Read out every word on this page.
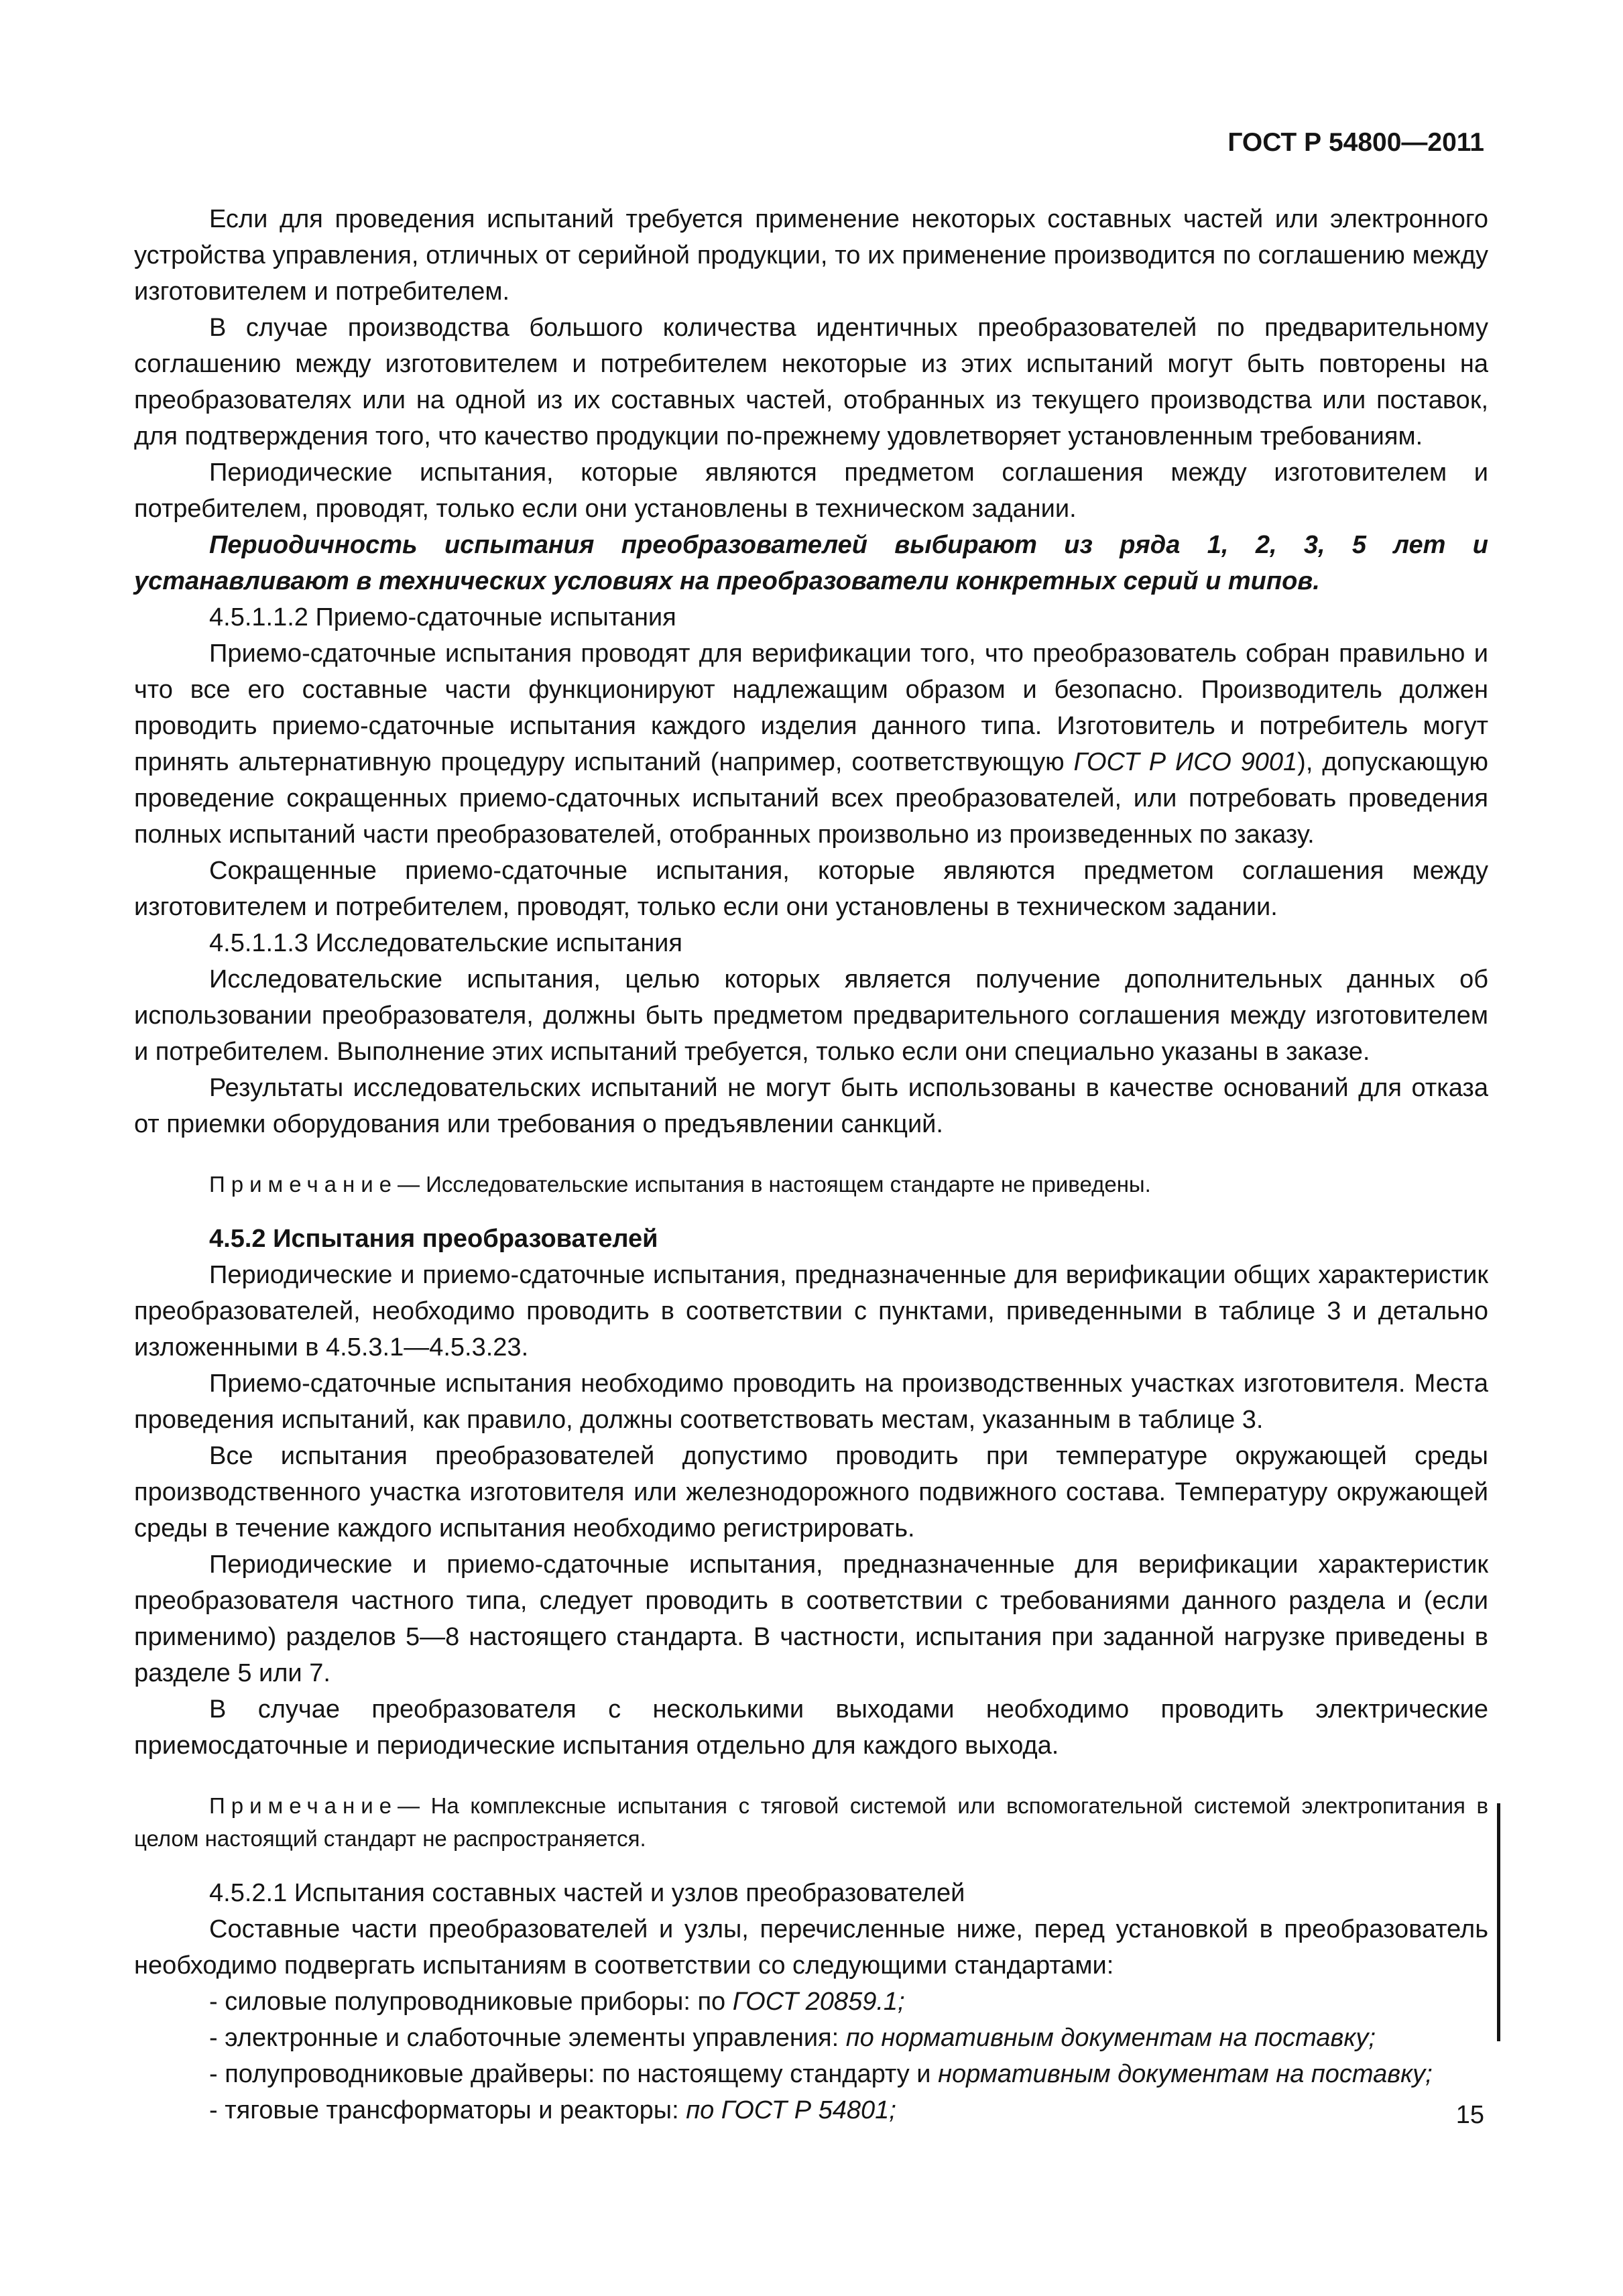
ГОСТ Р 54800—2011

Если для проведения испытаний требуется применение некоторых составных частей или электронного устройства управления, отличных от серийной продукции, то их применение производится по соглашению между изготовителем и потребителем.

В случае производства большого количества идентичных преобразователей по предварительному соглашению между изготовителем и потребителем некоторые из этих испытаний могут быть повторены на преобразователях или на одной из их составных частей, отобранных из текущего производства или поставок, для подтверждения того, что качество продукции по-прежнему удовлетворяет установленным требованиям.

Периодические испытания, которые являются предметом соглашения между изготовителем и потребителем, проводят, только если они установлены в техническом задании.

Периодичность испытания преобразователей выбирают из ряда 1, 2, 3, 5 лет и устанавливают в технических условиях на преобразователи конкретных серий и типов.

4.5.1.1.2 Приемо-сдаточные испытания

Приемо-сдаточные испытания проводят для верификации того, что преобразователь собран правильно и что все его составные части функционируют надлежащим образом и безопасно. Производитель должен проводить приемо-сдаточные испытания каждого изделия данного типа. Изготовитель и потребитель могут принять альтернативную процедуру испытаний (например, соответствующую ГОСТ Р ИСО 9001), допускающую проведение сокращенных приемо-сдаточных испытаний всех преобразователей, или потребовать проведения полных испытаний части преобразователей, отобранных произвольно из произведенных по заказу.

Сокращенные приемо-сдаточные испытания, которые являются предметом соглашения между изготовителем и потребителем, проводят, только если они установлены в техническом задании.

4.5.1.1.3 Исследовательские испытания

Исследовательские испытания, целью которых является получение дополнительных данных об использовании преобразователя, должны быть предметом предварительного соглашения между изготовителем и потребителем. Выполнение этих испытаний требуется, только если они специально указаны в заказе.

Результаты исследовательских испытаний не могут быть использованы в качестве оснований для отказа от приемки оборудования или требования о предъявлении санкций.

Примечание— Исследовательские испытания в настоящем стандарте не приведены.

4.5.2 Испытания преобразователей

Периодические и приемо-сдаточные испытания, предназначенные для верификации общих характеристик преобразователей, необходимо проводить в соответствии с пунктами, приведенными в таблице 3 и детально изложенными в 4.5.3.1—4.5.3.23.

Приемо-сдаточные испытания необходимо проводить на производственных участках изготовителя. Места проведения испытаний, как правило, должны соответствовать местам, указанным в таблице 3.

Все испытания преобразователей допустимо проводить при температуре окружающей среды производственного участка изготовителя или железнодорожного подвижного состава. Температуру окружающей среды в течение каждого испытания необходимо регистрировать.

Периодические и приемо-сдаточные испытания, предназначенные для верификации характеристик преобразователя частного типа, следует проводить в соответствии с требованиями данного раздела и (если применимо) разделов 5—8 настоящего стандарта. В частности, испытания при заданной нагрузке приведены в разделе 5 или 7.

В случае преобразователя с несколькими выходами необходимо проводить электрические приемосдаточные и периодические испытания отдельно для каждого выхода.

Примечание— На комплексные испытания с тяговой системой или вспомогательной системой электропитания в целом настоящий стандарт не распространяется.

4.5.2.1 Испытания составных частей и узлов преобразователей

Составные части преобразователей и узлы, перечисленные ниже, перед установкой в преобразователь необходимо подвергать испытаниям в соответствии со следующими стандартами:

- силовые полупроводниковые приборы: по ГОСТ 20859.1;

- электронные и слаботочные элементы управления: по нормативным документам на поставку;

- полупроводниковые драйверы: по настоящему стандарту и нормативным документам на поставку;

- тяговые трансформаторы и реакторы: по ГОСТ Р 54801;	15
